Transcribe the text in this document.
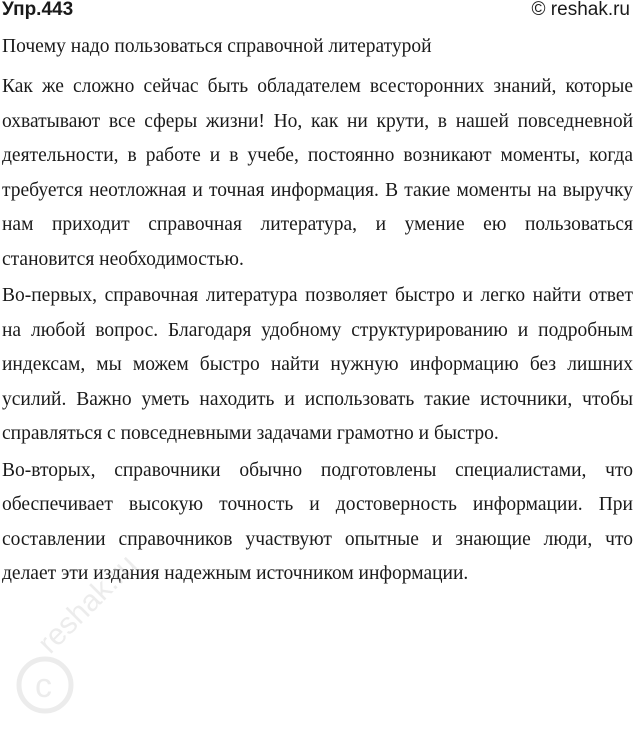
Упр.443	© reshak.ru
Почему надо пользоваться справочной литературой

Как же сложно сейчас быть обладателем всесторонних знаний, которые охватывают все сферы жизни! Но, как ни крути, в нашей повседневной деятельности, в работе и в учебе, постоянно возникают моменты, когда требуется неотложная и точная информация. В такие моменты на выручку нам приходит справочная литература, и умение ею пользоваться становится необходимостью.

Во-первых, справочная литература позволяет быстро и легко найти ответ на любой вопрос. Благодаря удобному структурированию и подробным индексам, мы можем быстро найти нужную информацию без лишних усилий. Важно уметь находить и использовать такие источники, чтобы справляться с повседневными задачами грамотно и быстро.

Во-вторых, справочники обычно подготовлены специалистами, что обеспечивает высокую точность и достоверность информации. При составлении справочников участвуют опытные и знающие люди, что делает эти издания надежным источником информации.

c
reshak.ru
